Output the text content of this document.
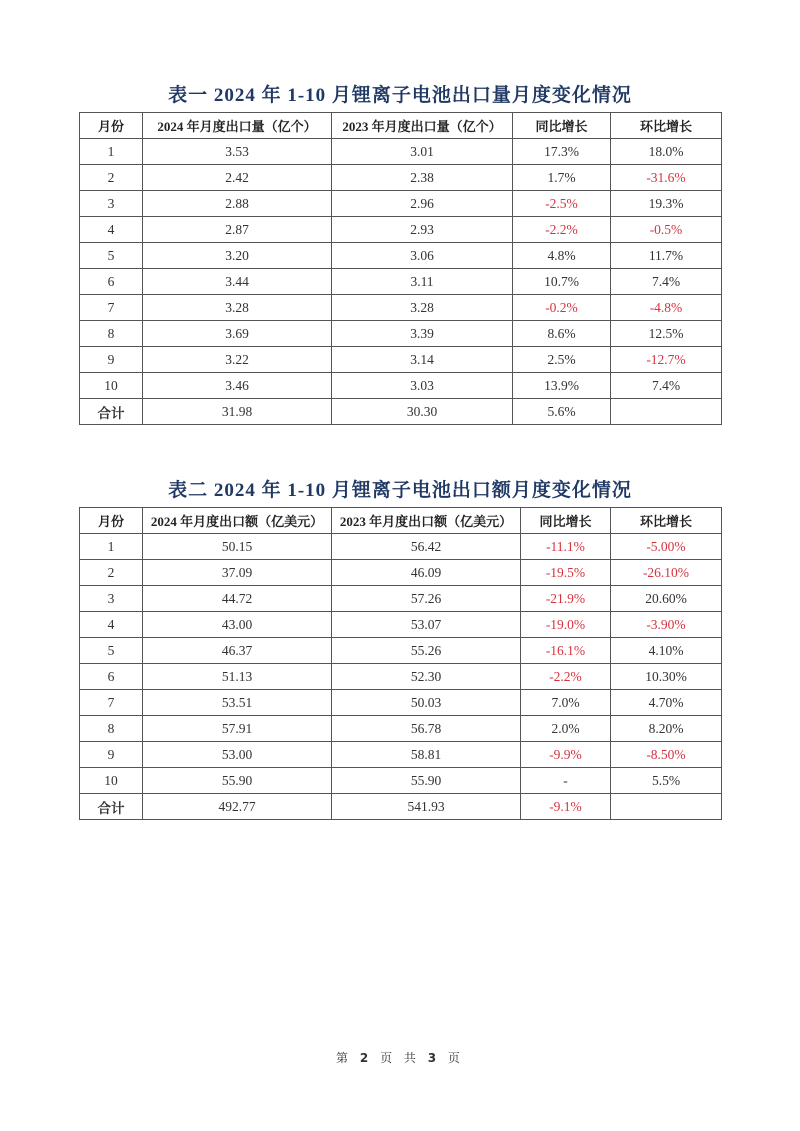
表一 2024 年 1-10 月锂离子电池出口量月度变化情况
月份	2024 年月度出口量（亿个）	2023 年月度出口量（亿个）	同比增长	环比增长
1	3.53	3.01	17.3%	18.0%
2	2.42	2.38	1.7%	-31.6%
3	2.88	2.96	-2.5%	19.3%
4	2.87	2.93	-2.2%	-0.5%
5	3.20	3.06	4.8%	11.7%
6	3.44	3.11	10.7%	7.4%
7	3.28	3.28	-0.2%	-4.8%
8	3.69	3.39	8.6%	12.5%
9	3.22	3.14	2.5%	-12.7%
10	3.46	3.03	13.9%	7.4%
合计	31.98	30.30	5.6%	
表二 2024 年 1-10 月锂离子电池出口额月度变化情况
月份	2024 年月度出口额（亿美元）	2023 年月度出口额（亿美元）	同比增长	环比增长
1	50.15	56.42	-11.1%	-5.00%
2	37.09	46.09	-19.5%	-26.10%
3	44.72	57.26	-21.9%	20.60%
4	43.00	53.07	-19.0%	-3.90%
5	46.37	55.26	-16.1%	4.10%
6	51.13	52.30	-2.2%	10.30%
7	53.51	50.03	7.0%	4.70%
8	57.91	56.78	2.0%	8.20%
9	53.00	58.81	-9.9%	-8.50%
10	55.90	55.90	-	5.5%
合计	492.77	541.93	-9.1%	
第 2 页 共 3 页
